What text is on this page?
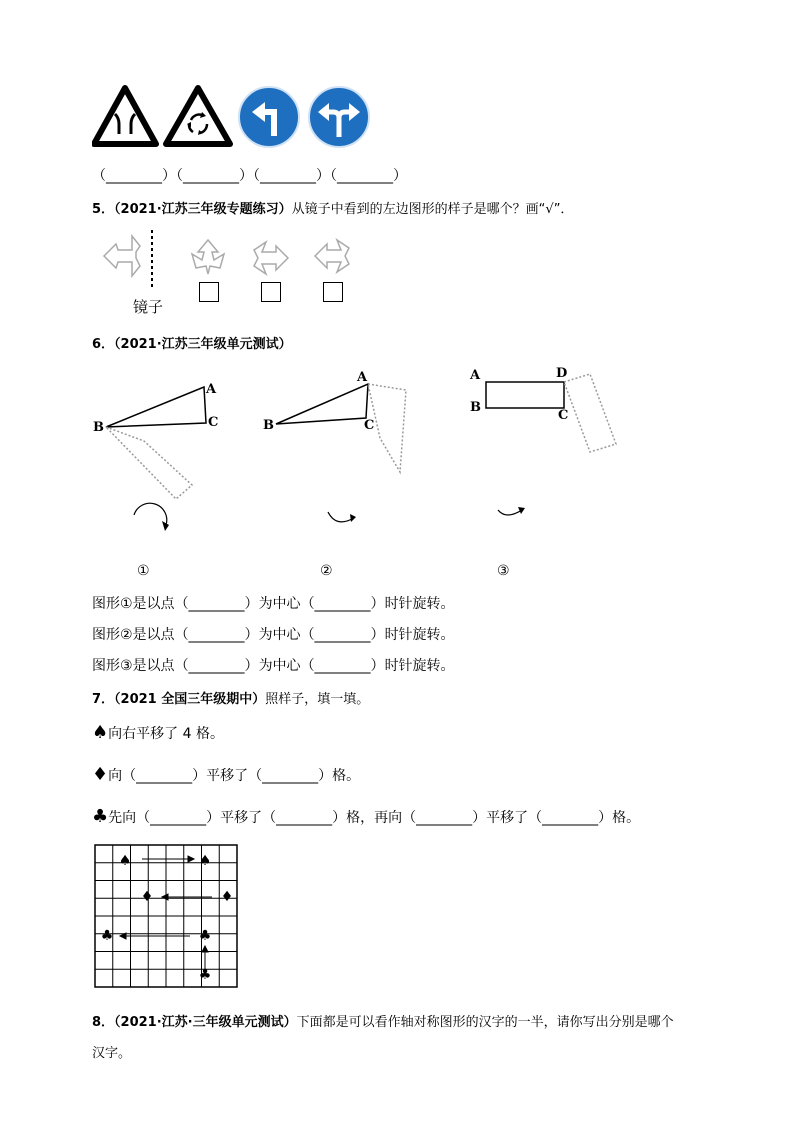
（________）（________）（________）（________）
5．（2021·江苏三年级专题练习）从镜子中看到的左边图形的样子是哪个？画“√”．
镜子
6．（2021·江苏三年级单元测试）
A
B	C
①
A
B	C
②
A
B
C
D
③
图形①是以点（________）为中心（________）时针旋转。
图形②是以点（________）为中心（________）时针旋转。
图形③是以点（________）为中心（________）时针旋转。
7．（2021 全国三年级期中）照样子，填一填。
♠向右平移了 4 格。
♦向（________）平移了（________）格。
♣先向（________）平移了（________）格，再向（________）平移了（________）格。
♠	♠
♦	♦
♣	♣
♣
8．（2021·江苏·三年级单元测试）下面都是可以看作轴对称图形的汉字的一半，请你写出分别是哪个
汉字。
